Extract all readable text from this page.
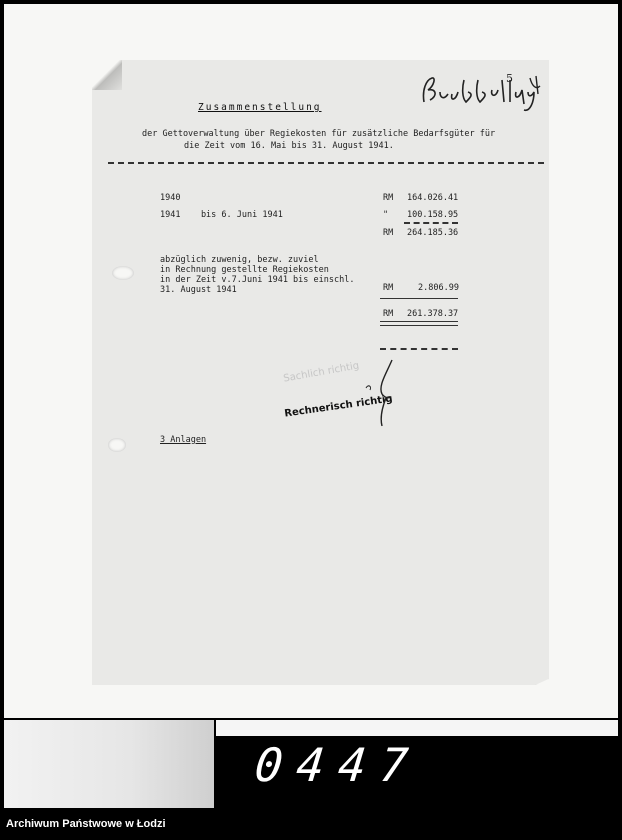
5
Zusammenstellung
der Gettoverwaltung über Regiekosten für zusätzliche Bedarfsgüter für
die Zeit vom 16. Mai bis 31. August 1941.
1940	RM 164.026.41
1941    bis 6. Juni 1941	" 100.158.95
RM 264.185.36
abzüglich zuwenig, bezw. zuviel
in Rechnung gestellte Regiekosten
in der Zeit v.7.Juni 1941 bis einschl.
31. August 1941	RM	2.806.99
RM 261.378.37
Sachlich richtig
Rechnerisch richtig
3 Anlagen
0447
Archiwum Państwowe w Łodzi
